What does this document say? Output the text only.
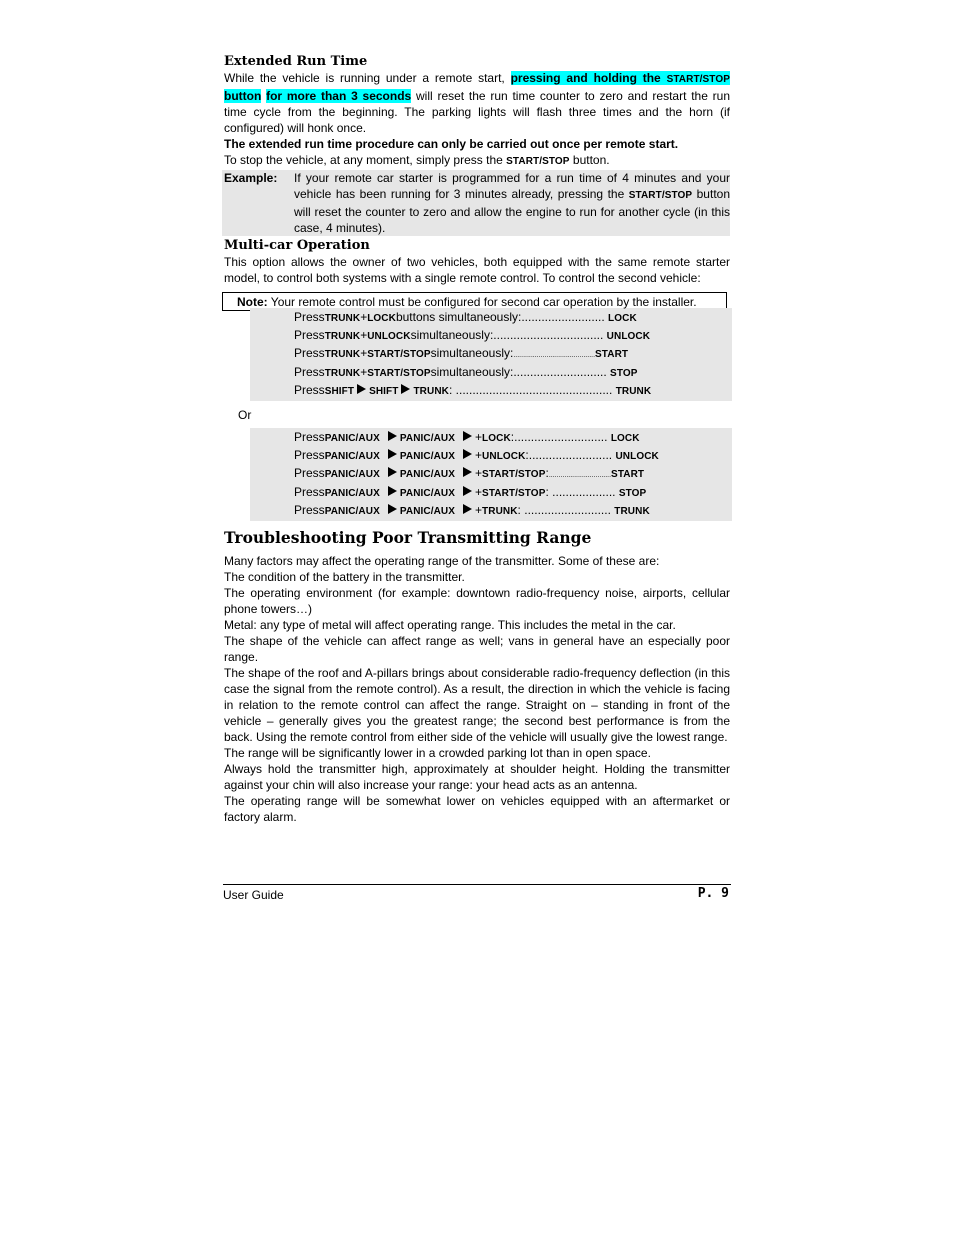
Extended Run Time

While the vehicle is running under a remote start, pressing and holding the START/STOP button for more than 3 seconds will reset the run time counter to zero and restart the run time cycle from the beginning. The parking lights will flash three times and the horn (if configured) will honk once.

The extended run time procedure can only be carried out once per remote start.

To stop the vehicle, at any moment, simply press the START/STOP button.

Example:	If your remote car starter is programmed for a run time of 4 minutes and your vehicle has been running for 3 minutes already, pressing the START/STOP button will reset the counter to zero and allow the engine to run for another cycle (in this case, 4 minutes).
Multi-car Operation

This option allows the owner of two vehicles, both equipped with the same remote starter model, to control both systems with a single remote control. To control the second vehicle:

Note: Your remote control must be configured for second car operation by the installer.
Press TRUNK + LOCK buttons simultaneously: .........................
LOCK
Press TRUNK + UNLOCK simultaneously: .................................
UNLOCK
Press TRUNK + START/STOP simultaneously: .......................................... START
Press TRUNK + START/STOP simultaneously: ............................
STOP
Press SHIFT SHIFT TRUNK :
...............................................
TRUNK
Or
Press PANIC/AUX PANIC/AUX + LOCK : ............................
LOCK
Press PANIC/AUX PANIC/AUX + UNLOCK : .........................
UNLOCK
Press PANIC/AUX PANIC/AUX + START/STOP : ................................ START
Press PANIC/AUX PANIC/AUX + START/STOP :
...................
STOP
Press PANIC/AUX PANIC/AUX + TRUNK :
..........................
TRUNK
Troubleshooting Poor Transmitting Range

Many factors may affect the operating range of the transmitter. Some of these are:

The condition of the battery in the transmitter.

The operating environment (for example: downtown radio-frequency noise, airports, cellular phone towers…)

Metal: any type of metal will affect operating range. This includes the metal in the car.

The shape of the vehicle can affect range as well; vans in general have an especially poor range.

The shape of the roof and A-pillars brings about considerable radio-frequency deflection (in this case the signal from the remote control). As a result, the direction in which the vehicle is facing in relation to the remote control can affect the range. Straight on – standing in front of the vehicle – generally gives you the greatest range; the second best performance is from the back. Using the remote control from either side of the vehicle will usually give the lowest range.

The range will be significantly lower in a crowded parking lot than in open space.

Always hold the transmitter high, approximately at shoulder height. Holding the transmitter against your chin will also increase your range: your head acts as an antenna.

The operating range will be somewhat lower on vehicles equipped with an aftermarket or factory alarm.

User Guide	P. 9
